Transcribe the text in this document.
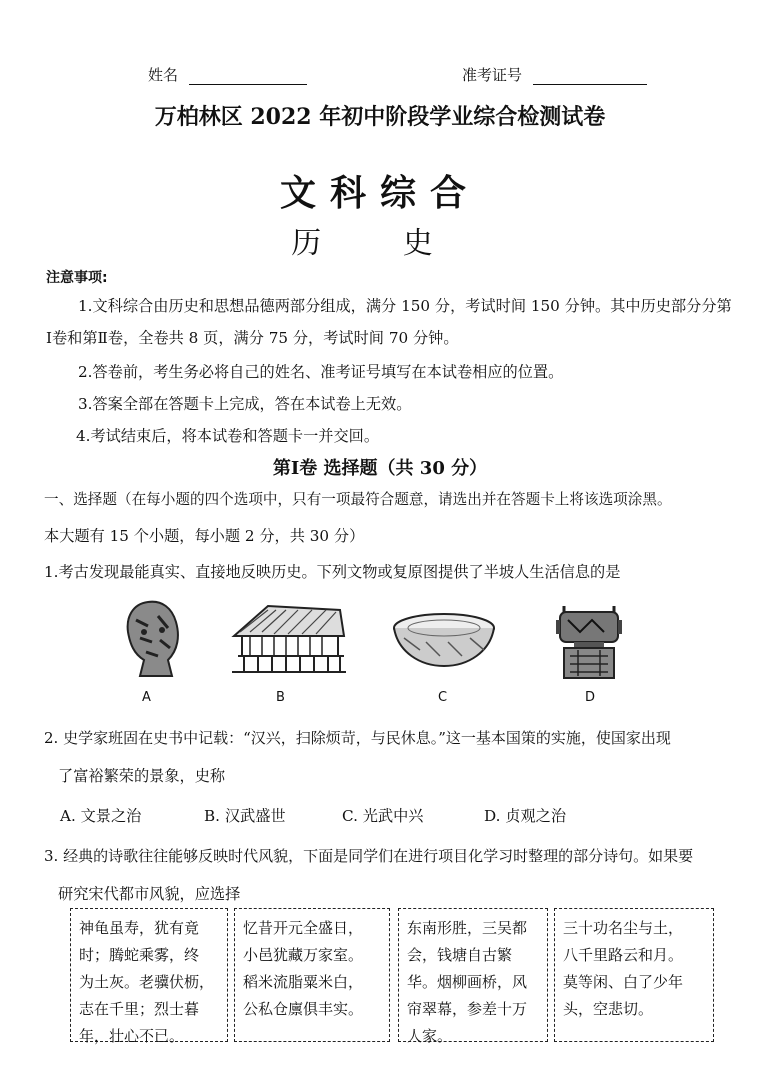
姓名	准考证号
万柏林区 2022 年初中阶段学业综合检测试卷
文科综合
历 史
注意事项:
1.文科综合由历史和思想品德两部分组成，满分 150 分，考试时间 150 分钟。其中历史部分分第
Ⅰ卷和第Ⅱ卷，全卷共 8 页，满分 75 分，考试时间 70 分钟。
2.答卷前，考生务必将自己的姓名、准考证号填写在本试卷相应的位置。
3.答案全部在答题卡上完成，答在本试卷上无效。
4.考试结束后，将本试卷和答题卡一并交回。
第Ⅰ卷 选择题（共 30 分）
一、选择题（在每小题的四个选项中，只有一项最符合题意，请选出并在答题卡上将该选项涂黑。
本大题有 15 个小题，每小题 2 分，共 30 分）
1.考古发现最能真实、直接地反映历史。下列文物或复原图提供了半坡人生活信息的是
A	B	C	D
2. 史学家班固在史书中记载：“汉兴，扫除烦苛，与民休息。”这一基本国策的实施，使国家出现
了富裕繁荣的景象，史称
A. 文景之治	B. 汉武盛世	C. 光武中兴	D. 贞观之治
3. 经典的诗歌往往能够反映时代风貌，下面是同学们在进行项目化学习时整理的部分诗句。如果要
研究宋代都市风貌，应选择
神龟虽寿，犹有竟
时；腾蛇乘雾，终
为土灰。老骥伏枥，
志在千里；烈士暮
年，壮心不已。
忆昔开元全盛日，
小邑犹藏万家室。
稻米流脂粟米白，
公私仓廪俱丰实。
东南形胜，三吴都
会，钱塘自古繁
华。烟柳画桥，风
帘翠幕，参差十万
人家。
三十功名尘与土，
八千里路云和月。
莫等闲、白了少年
头，空悲切。
